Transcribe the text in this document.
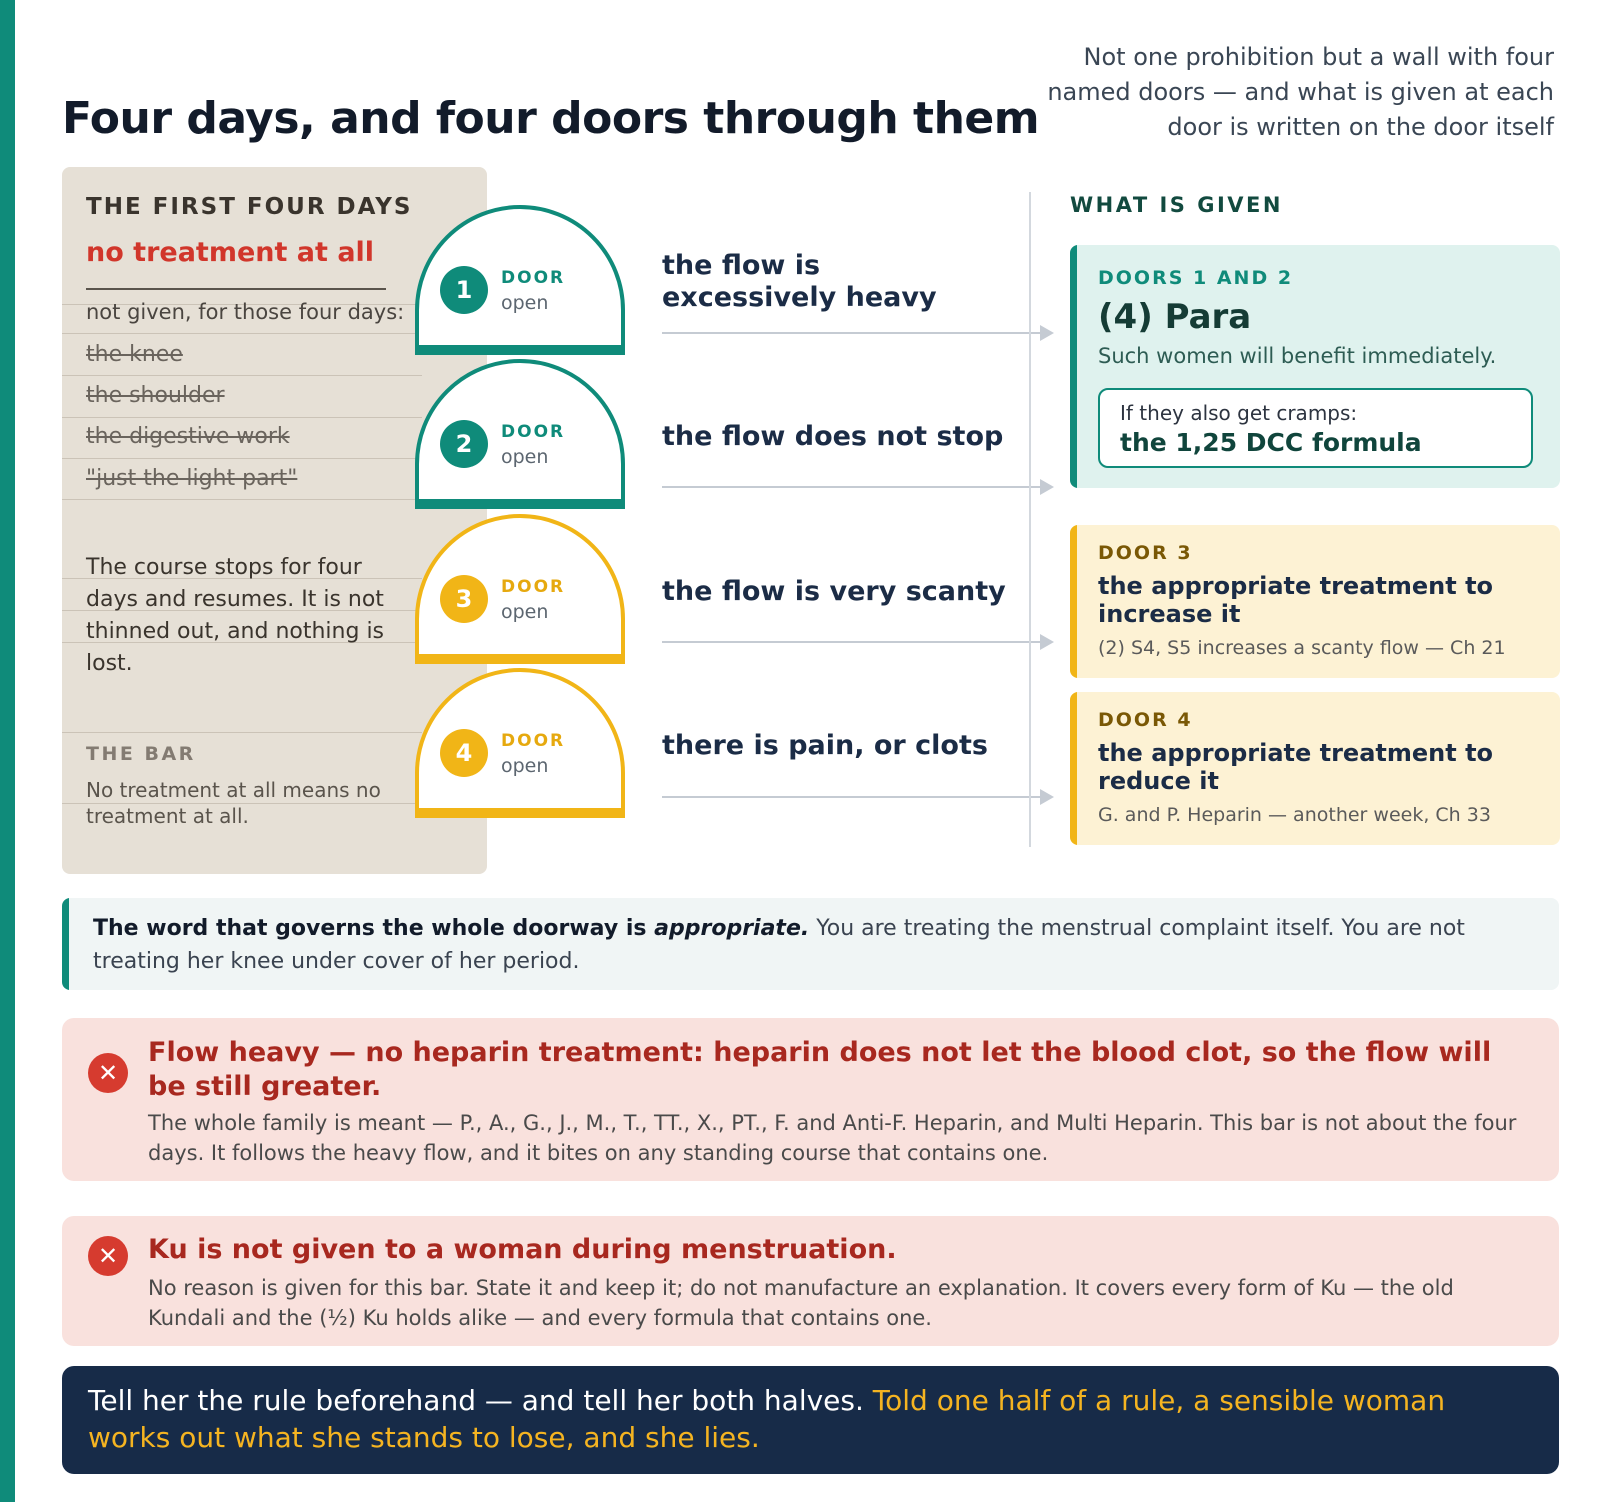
Four days, and four doors through them

Not one prohibition but a wall with four named doors — and what is given at each door is written on the door itself

THE FIRST FOUR DAYS
no treatment at all
not given, for those four days:
the knee
the shoulder
the digestive work
"just the light part"
The course stops for four days and resumes. It is not thinned out, and nothing is lost.
THE BAR
No treatment at all means no treatment at all.
1	DOOR
open
2	DOOR
open
3	DOOR
open
4	DOOR
open
the flow is excessively heavy
the flow does not stop
the flow is very scanty
there is pain, or clots
WHAT IS GIVEN
DOORS 1 AND 2
(4) Para
Such women will benefit immediately.
If they also get cramps:
the 1,25 DCC formula
DOOR 3
the appropriate treatment to increase it
(2) S4, S5 increases a scanty flow — Ch 21
DOOR 4
the appropriate treatment to reduce it
G. and P. Heparin — another week, Ch 33
The word that governs the whole doorway is appropriate. You are treating the menstrual complaint itself. You are not treating her knee under cover of her period.
✕
Flow heavy — no heparin treatment: heparin does not let the blood clot, so the flow will be still greater.
The whole family is meant — P., A., G., J., M., T., TT., X., PT., F. and Anti-F. Heparin, and Multi Heparin. This bar is not about the four days. It follows the heavy flow, and it bites on any standing course that contains one.
✕	Ku is not given to a woman during menstruation.
No reason is given for this bar. State it and keep it; do not manufacture an explanation. It covers every form of Ku — the old Kundali and the (½) Ku holds alike — and every formula that contains one.
Tell her the rule beforehand — and tell her both halves. Told one half of a rule, a sensible woman works out what she stands to lose, and she lies.
